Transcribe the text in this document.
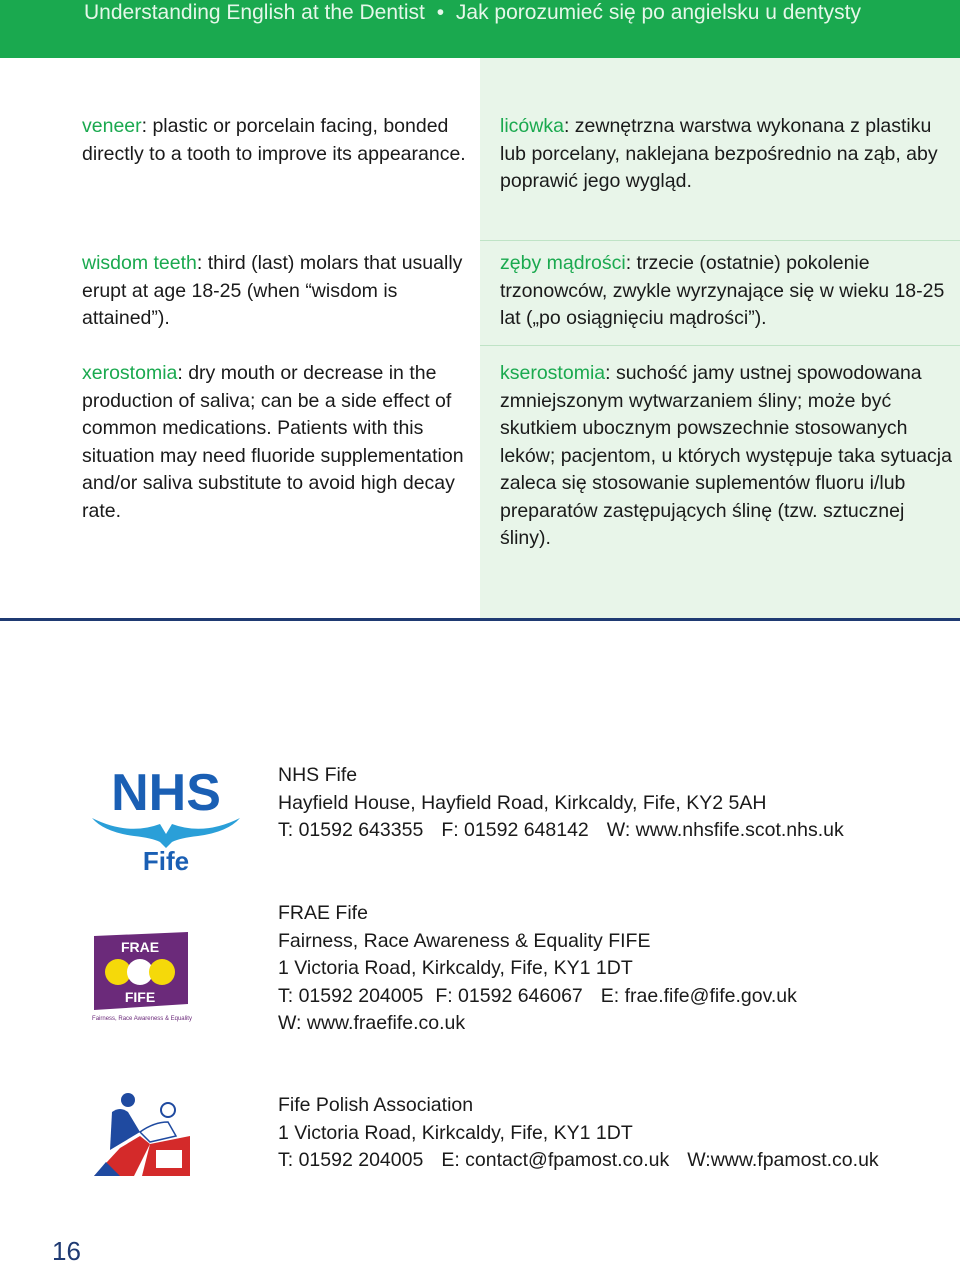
Understanding English at the Dentist • Jak porozumieć się po angielsku u dentysty

veneer: plastic or porcelain facing, bonded directly to a tooth to improve its appearance.

wisdom teeth: third (last) molars that usually erupt at age 18-25 (when “wisdom is attained”).

xerostomia: dry mouth or decrease in the production of saliva; can be a side effect of common medications. Patients with this situation may need fluoride supplementation and/or saliva substitute to avoid high decay rate.

licówka: zewnętrzna warstwa wykonana z plastiku lub porcelany, naklejana bezpośrednio na ząb, aby poprawić jego wygląd.

zęby mądrości: trzecie (ostatnie) pokolenie trzonowców, zwykle wyrzynające się w wieku 18-25 lat („po osiągnięciu mądrości”).

kserostomia: suchość jamy ustnej spowodowana zmniejszonym wytwarzaniem śliny; może być skutkiem ubocznym powszechnie stosowanych leków; pacjentom, u których występuje taka sytuacja zaleca się stosowanie suplementów fluoru i/lub preparatów zastępujących ślinę (tzw. sztucznej śliny).

NHS
Fife
NHS Fife
Hayfield House, Hayfield Road, Kirkcaldy, Fife, KY2 5AH
T: 01592 643355 F: 01592 648142 W: www.nhsfife.scot.nhs.uk
FRAE
FIFE
Fairness, Race Awareness & Equality
FRAE Fife
Fairness, Race Awareness & Equality FIFE
1 Victoria Road, Kirkcaldy, Fife, KY1 1DT
T: 01592 204005 F: 01592 646067 E: frae.fife@fife.gov.uk
W: www.fraefife.co.uk
Fife Polish Association
1 Victoria Road, Kirkcaldy, Fife, KY1 1DT
T: 01592 204005 E: contact@fpamost.co.uk W:www.fpamost.co.uk
16
